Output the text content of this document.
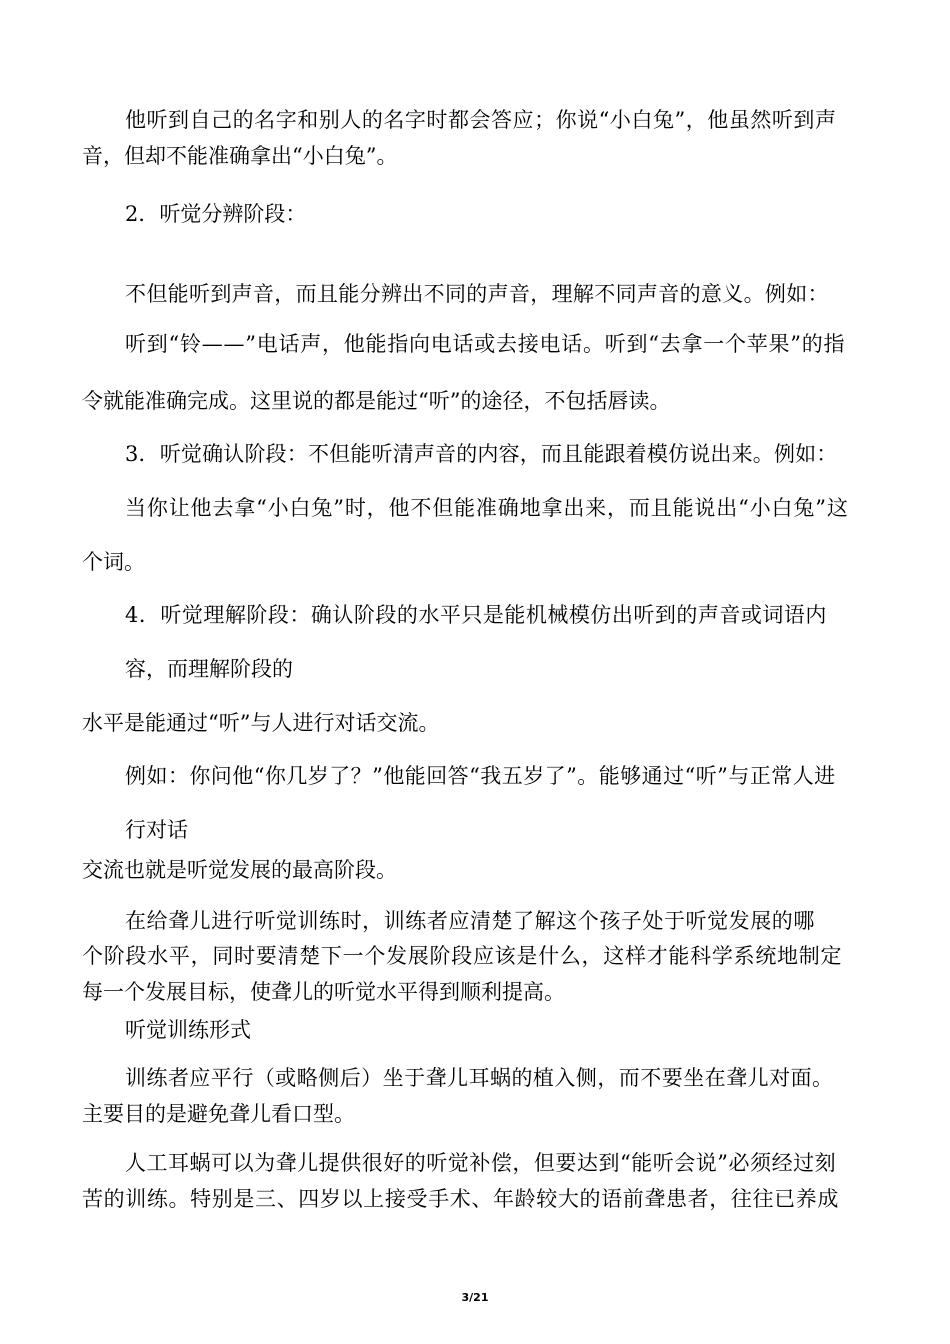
他听到自己的名字和别人的名字时都会答应；你说“小白兔”，他虽然听到声
音，但却不能准确拿出“小白兔”。
2．听觉分辨阶段：
不但能听到声音，而且能分辨出不同的声音，理解不同声音的意义。例如：
听到“铃——”电话声，他能指向电话或去接电话。听到“去拿一个苹果”的指
令就能准确完成。这里说的都是能过“听”的途径，不包括唇读。
3．听觉确认阶段：不但能听清声音的内容，而且能跟着模仿说出来。例如：
当你让他去拿“小白兔”时，他不但能准确地拿出来，而且能说出“小白兔”这
个词。
4．听觉理解阶段：确认阶段的水平只是能机械模仿出听到的声音或词语内
容，而理解阶段的
水平是能通过“听”与人进行对话交流。
例如：你问他“你几岁了？”他能回答“我五岁了”。能够通过“听”与正常人进
行对话
交流也就是听觉发展的最高阶段。
在给聋儿进行听觉训练时，训练者应清楚了解这个孩子处于听觉发展的哪
个阶段水平，同时要清楚下一个发展阶段应该是什么，这样才能科学系统地制定
每一个发展目标，使聋儿的听觉水平得到顺利提高。
听觉训练形式
训练者应平行（或略侧后）坐于聋儿耳蜗的植入侧，而不要坐在聋儿对面。
主要目的是避免聋儿看口型。
人工耳蜗可以为聋儿提供很好的听觉补偿，但要达到“能听会说”必须经过刻
苦的训练。特别是三、四岁以上接受手术、年龄较大的语前聋患者，往往已养成
3/21
